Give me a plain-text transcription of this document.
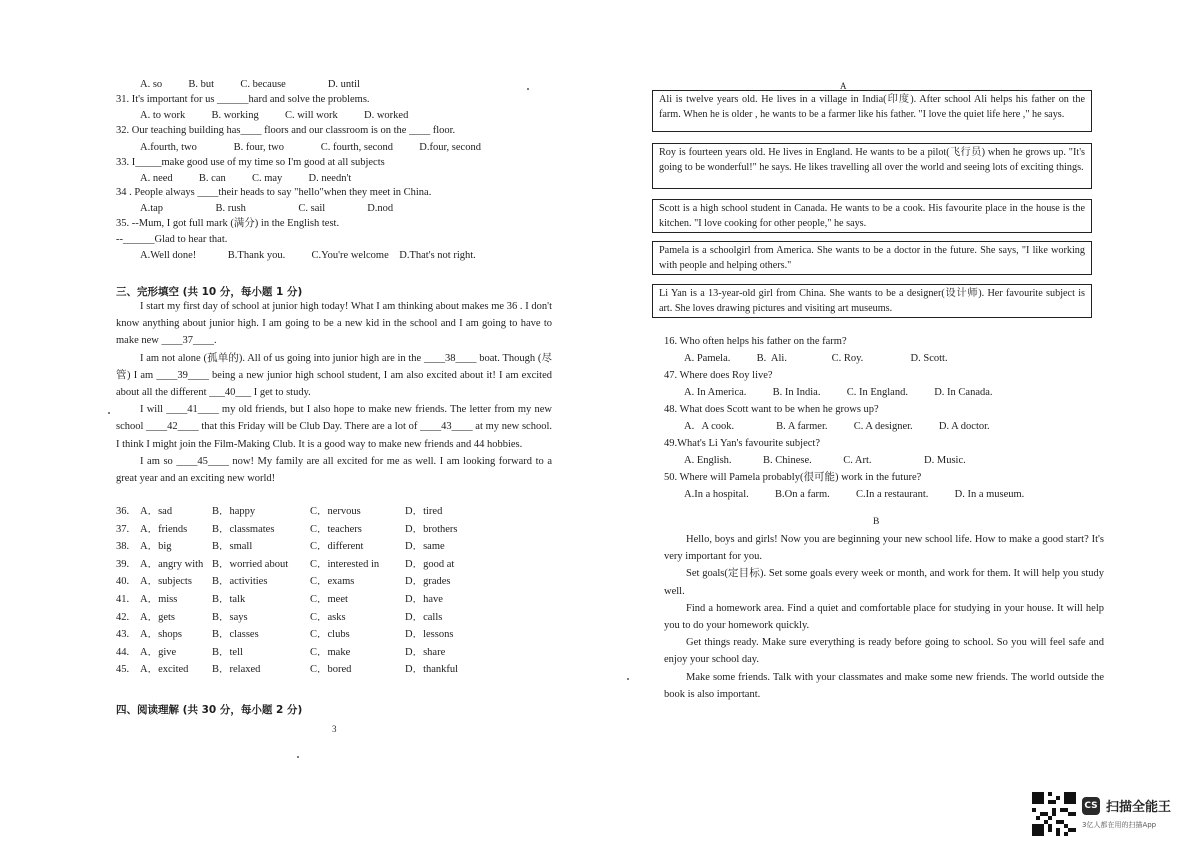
A. so          B. but          C. because                D. until
31. It's important for us ______hard and solve the problems.
A. to work          B. working          C. will work          D. worked
32. Our teaching building has____ floors and our classroom is on the ____ floor.
A.fourth, two              B. four, two              C. fourth, second          D.four, second
33. I_____make good use of my time so I'm good at all subjects
A. need          B. can          C. may          D. needn't
34 . People always ____their heads to say "hello"when they meet in China.
A.tap                    B. rush                    C. sail                D.nod
35. --Mum, I got full mark (满分) in the English test.
--______Glad to hear that.
A.Well done!            B.Thank you.          C.You're welcome    D.That's not right.
三、完形填空 (共 10 分，每小题 1 分)

I start my first day of school at junior high today! What I am thinking about makes me 36 . I don't know anything about junior high. I am going to be a new kid in the school and I am going to have to make new ____37____.

I am not alone (孤单的). All of us going into junior high are in the ____38____ boat. Though (尽管) I am ____39____ being a new junior high school student, I am also excited about it! I am excited about all the different ___40___ I get to study.

I will ____41____ my old friends, but I also hope to make new friends. The letter from my new school ____42____ that this Friday will be Club Day. There are a lot of ____43____ at my new school. I think I might join the Film-Making Club. It is a good way to make new friends and 44 hobbies.

I am so ____45____ now! My family are all excited for me as well. I am looking forward to a great year and an exciting new world!

36. A．sad	B．happy	C．nervous	D．tired
37. A．friends B．classmates	C．teachers	D．brothers
38. A．big	B．small	C．different	D．same
39. A．angry with B．worried about C．interested in D．good at
40. A．subjects B．activities	C．exams	D．grades
41. A．miss	B．talk	C．meet	D．have
42. A．gets	B．says	C．asks	D．calls
43. A．shops	B．classes	C．clubs	D．lessons
44. A．give	B．tell	C．make	D．share
45. A．excited B．relaxed	C．bored	D．thankful
四、阅读理解 (共 30 分，每小题 2 分)
3
A
Ali is twelve years old. He lives in a village in India(印度). After school Ali helps his father on the farm. When he is older , he wants to be a farmer like his father. "I love the quiet life here ," he says.
Roy is fourteen years old. He lives in England. He wants to be a pilot(飞行员) when he grows up. "It's going to be wonderful!" he says. He likes travelling all over the world and seeing lots of exciting things.
Scott is a high school student in Canada. He wants to be a cook. His favourite place in the house is the kitchen. "I love cooking for other people," he says.
Pamela is a schoolgirl from America. She wants to be a doctor in the future. She says, "I like working with people and helping others."
Li Yan is a 13-year-old girl from China. She wants to be a designer(设计师). Her favourite subject is art. She loves drawing pictures and visiting art museums.
16. Who often helps his father on the farm?
A. Pamela.          B.  Ali.                 C. Roy.                  D. Scott.
47. Where does Roy live?
A. In America.          B. In India.          C. In England.          D. In Canada.
48. What does Scott want to be when he grows up?
A.   A cook.                B. A farmer.          C. A designer.          D. A doctor.
49.What's Li Yan's favourite subject?
A. English.            B. Chinese.            C. Art.                    D. Music.
50. Where will Pamela probably(很可能) work in the future?
A.In a hospital.          B.On a farm.          C.In a restaurant.          D. In a museum.
B

Hello, boys and girls! Now you are beginning your new school life. How to make a good start? It's very important for you.

Set goals(定目标). Set some goals every week or month, and work for them. It will help you study well.

Find a homework area. Find a quiet and comfortable place for studying in your house. It will help you to do your homework quickly.

Get things ready. Make sure everything is ready before going to school. So you will feel safe and enjoy your school day.

Make some friends. Talk with your classmates and make some new friends. The world outside the book is also important.

CS 扫描全能王
3亿人都在用的扫描App
